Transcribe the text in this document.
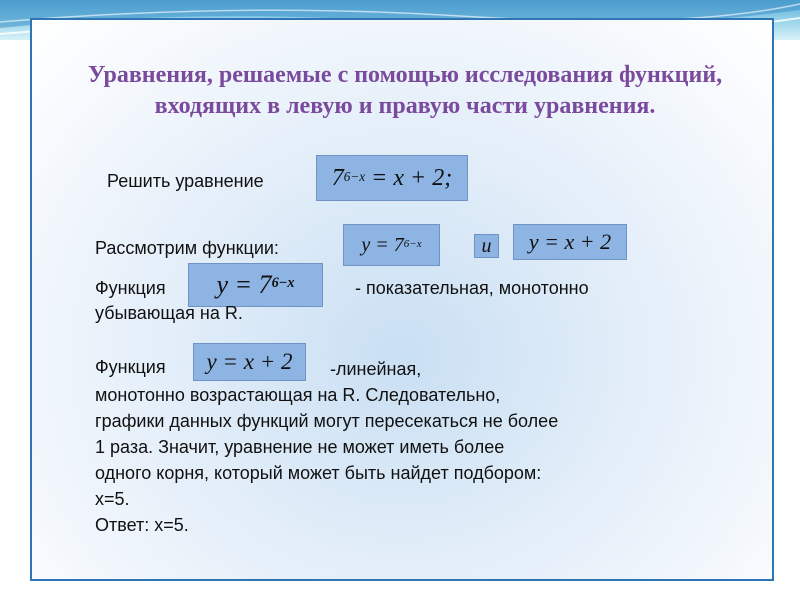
Уравнения, решаемые с помощью исследования функций, входящих в левую и правую части уравнения.
Решить уравнение	$7^{6-x}$
= x + 2;
Рассмотрим функции:	$y = 7^{6-x}$	и y = x + 2
Функция $y = 7^{6-x}$	- показательная, монотонно
убывающая на R.
Функция y = x + 2	-линейная,
монотонно возрастающая на R. Следовательно,
графики данных функций могут пересекаться не более
1 раза. Значит, уравнение не может иметь более
одного корня, который может быть найдет подбором:
х=5.
Ответ: х=5.
